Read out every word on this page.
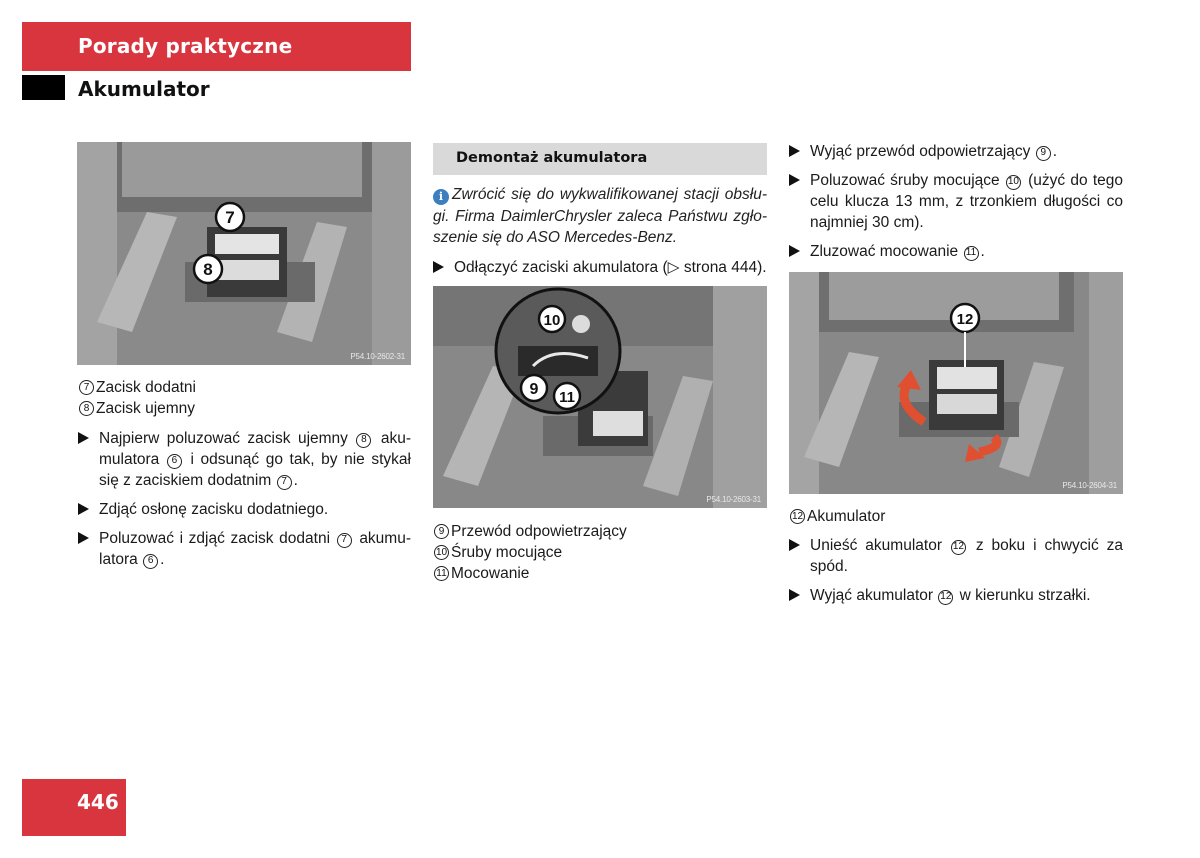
Porady praktyczne
Akumulator
7
8
P54.10-2602-31
7 Zacisk dodatni
8 Zacisk ujemny
Najpierw poluzować zacisk ujemny 8 aku-mulatora 6 i odsunąć go tak, by nie stykał się z zaciskiem dodatnim 7 .
Zdjąć osłonę zacisku dodatniego.
Poluzować i zdjąć zacisk dodatni 7 akumu-latora 6 .
Demontaż akumulatora
i Zwrócić się do wykwalifikowanej stacji obsłu-gi. Firma DaimlerChrysler zaleca Państwu zgło-szenie się do ASO Mercedes-Benz.
Odłączyć zaciski akumulatora (▷ strona 444).
10
9 11
P54.10-2603-31
9 Przewód odpowietrzający
10 Śruby mocujące
11 Mocowanie
Wyjąć przewód odpowietrzający 9 .
Poluzować śruby mocujące 10 (użyć do tego celu klucza 13 mm, z trzonkiem długości co najmniej 30 cm).
Zluzować mocowanie 11 .
12
P54.10-2604-31
12 Akumulator
Unieść akumulator 12 z boku i chwycić za spód.
Wyjąć akumulator 12 w kierunku strzałki.
446
